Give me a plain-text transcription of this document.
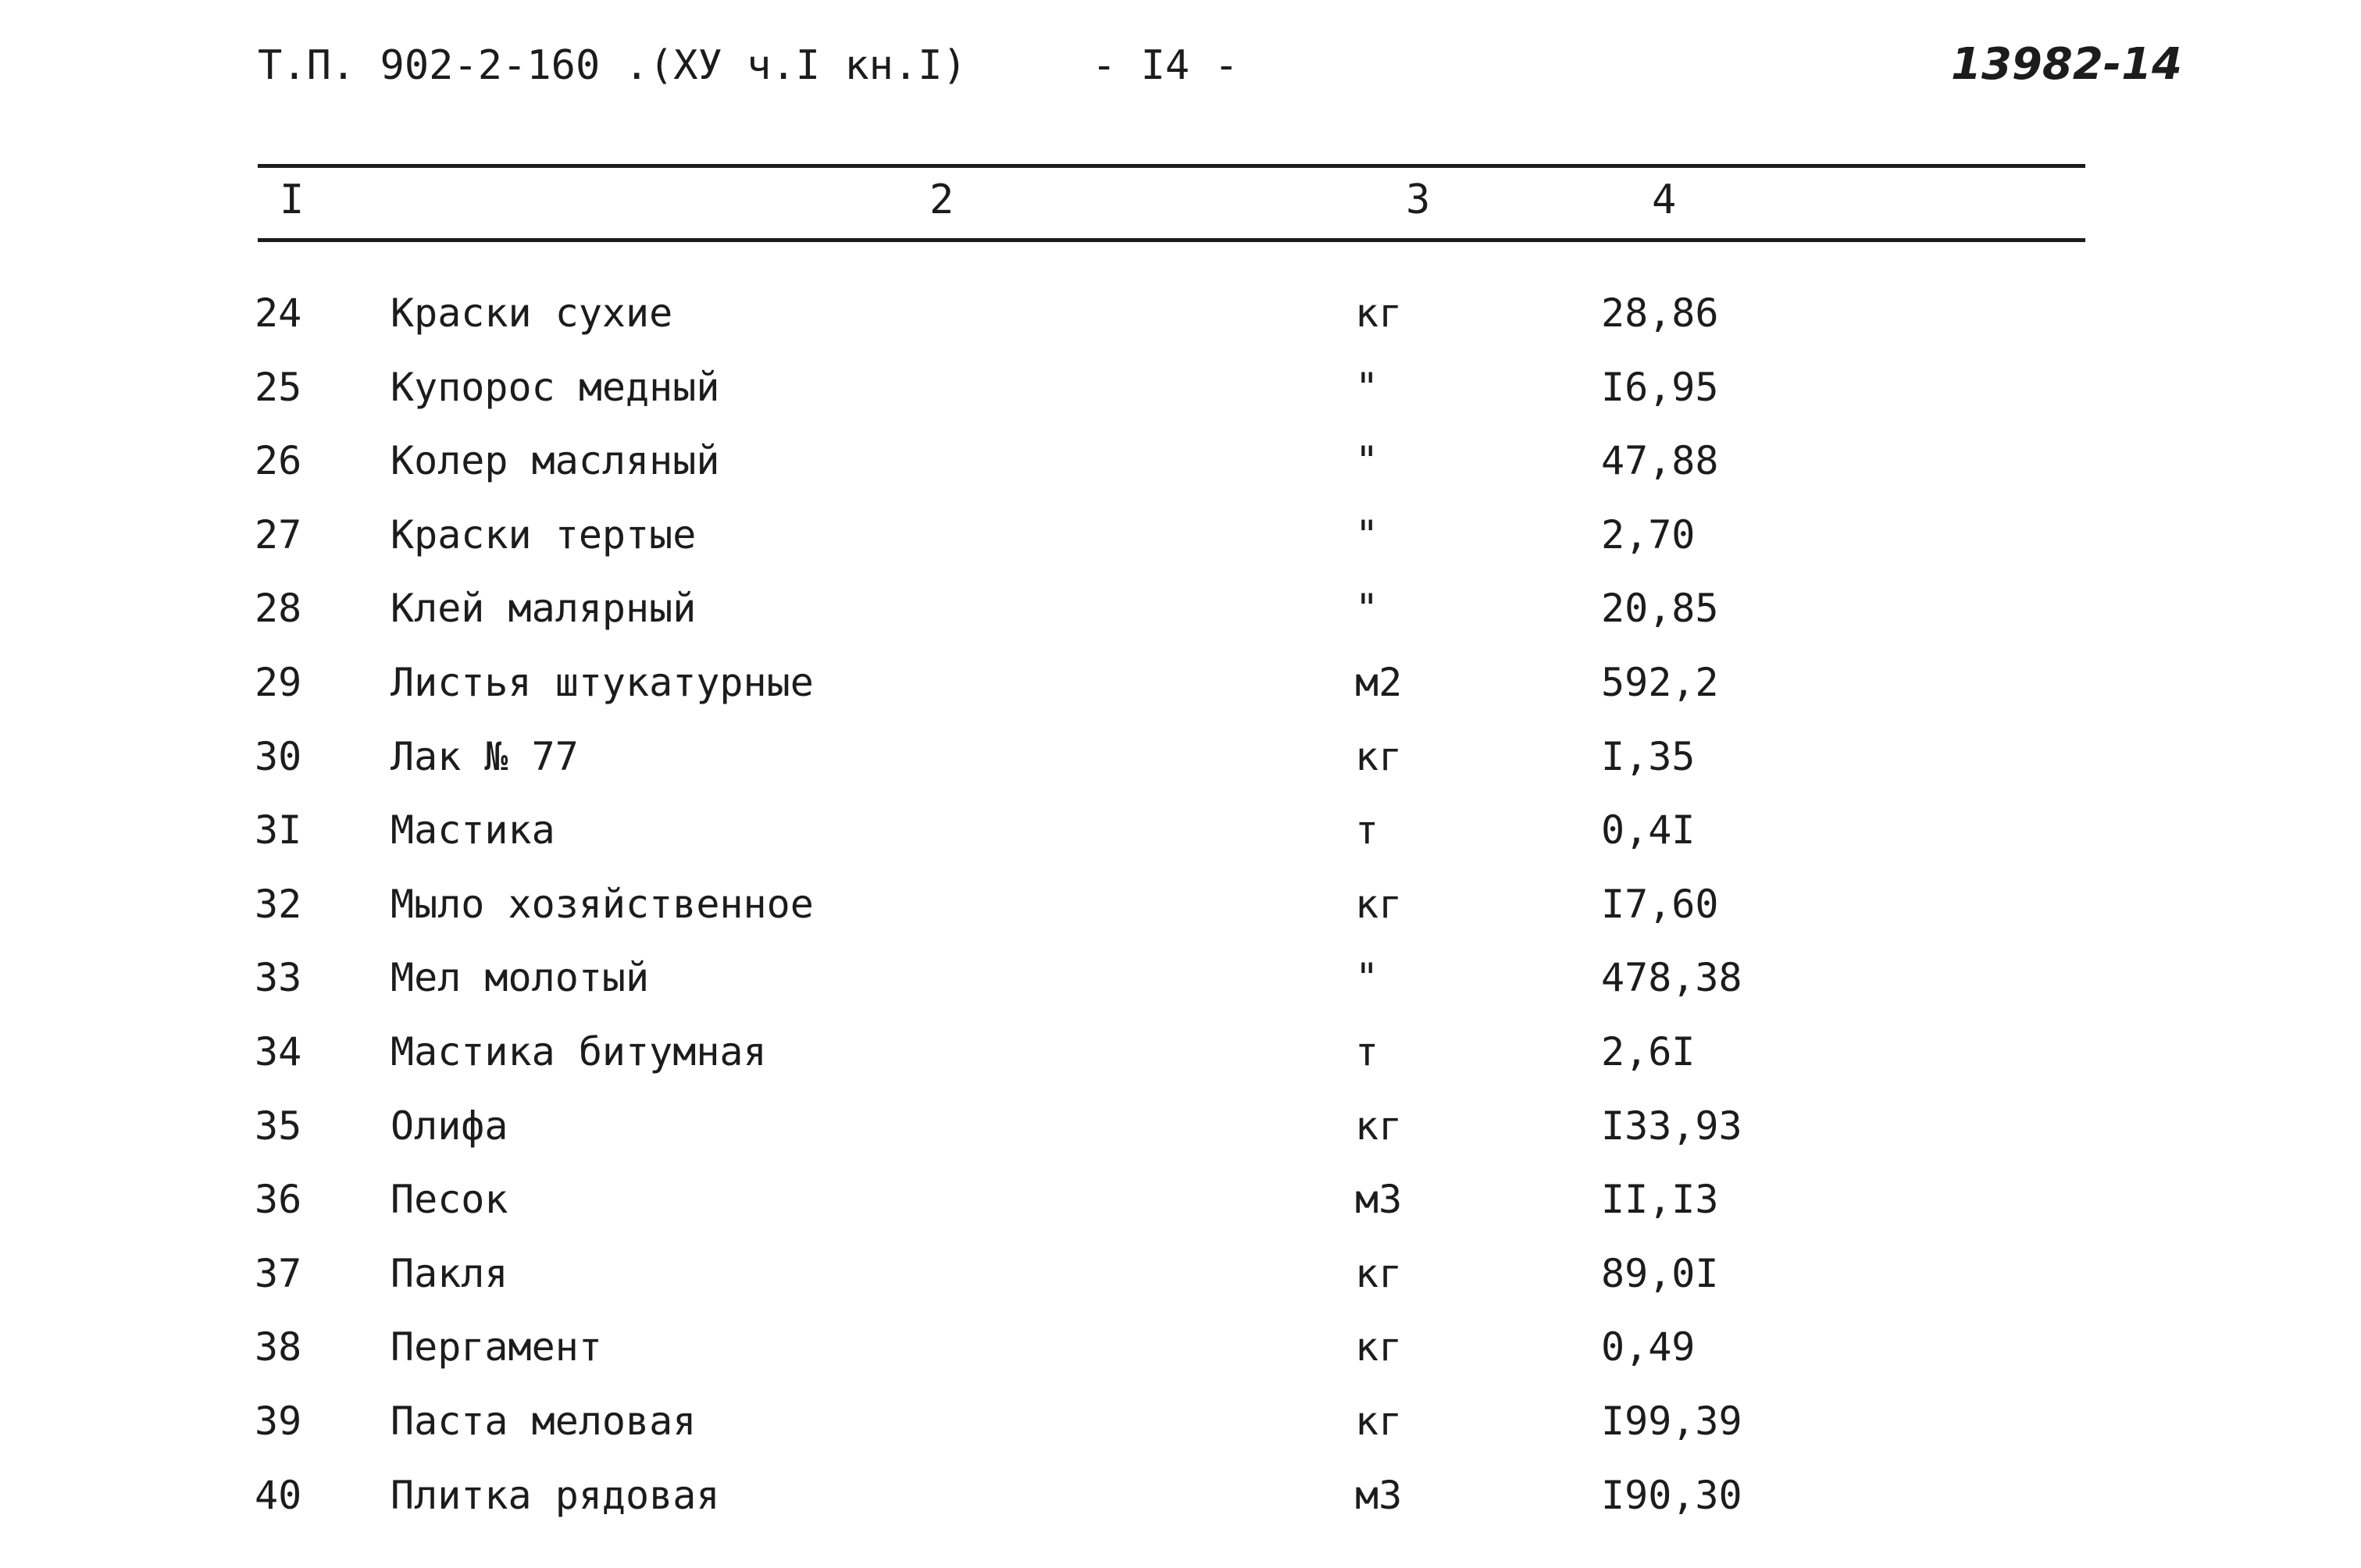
Т.П. 902-2-160 .(ХУ ч.I кн.I)	- I4 -	13982-14
I	2	3	4
24 Краски сухие	кг	28,86
25 Купорос медный	"	I6,95
26 Колер масляный	"	47,88
27 Краски тертые	"	2,70
28 Клей малярный	"	20,85
29 Листья штукатурные	м2	592,2
30 Лак № 77	кг	I,35
3I Мастика	т	0,4I
32 Мыло хозяйственное	кг	I7,60
33 Мел молотый	"	478,38
34 Мастика битумная	т	2,6I
35 Олифа	кг	I33,93
36 Песок	м3	II,I3
37 Пакля	кг	89,0I
38 Пергамент	кг	0,49
39 Паста меловая	кг	I99,39
40 Плитка рядовая	м3	I90,30
